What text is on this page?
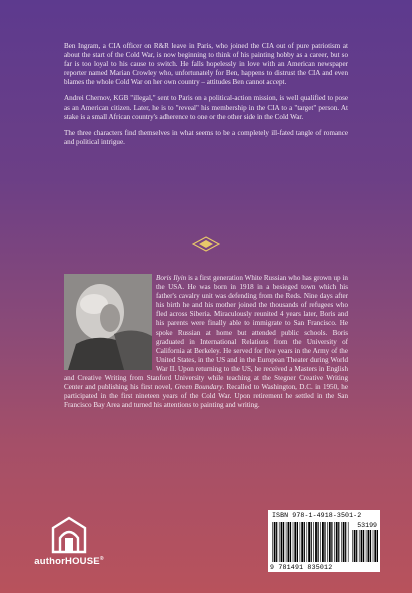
Ben Ingram, a CIA officer on R&R leave in Paris, who joined the CIA out of pure patriotism at about the start of the Cold War, is now beginning to think of his painting hobby as a career, but so far is too loyal to his cause to switch. He falls hopelessly in love with an American newspaper reporter named Marian Crowley who, unfortunately for Ben, happens to distrust the CIA and even blames the whole Cold War on her own country – attitudes Ben cannot accept.

Andrei Chernov, KGB "illegal," sent to Paris on a political-action mission, is well qualified to pose as an American citizen. Later, he is to "reveal" his membership in the CIA to a "target" person. At stake is a small African country's adherence to one or the other side in the Cold War.

The three characters find themselves in what seems to be a completely ill-fated tangle of romance and political intrigue.

Boris Ilyin is a first generation White Russian who has grown up in the USA. He was born in 1918 in a besieged town which his father's cavalry unit was defending from the Reds. Nine days after his birth he and his mother joined the thousands of refugees who fled across Siberia. Miraculously reunited 4 years later, Boris and his parents were finally able to immigrate to San Francisco. He spoke Russian at home but attended public schools. Boris graduated in International Relations from the University of California at Berkeley. He served for five years in the Army of the United States, in the US and in the European Theater during World War II. Upon returning to the US, he received a Masters in English and Creative Writing from Stanford University while teaching at the Stegner Creative Writing Center and publishing his first novel, Green Boundary. Recalled to Washington, D.C. in 1950, he participated in the first nineteen years of the Cold War. Upon retirement he settled in the San Francisco Bay Area and turned his attentions to painting and writing.
authorHOUSE®
ISBN 978-1-4918-3501-2
53199
9 781491 835012
